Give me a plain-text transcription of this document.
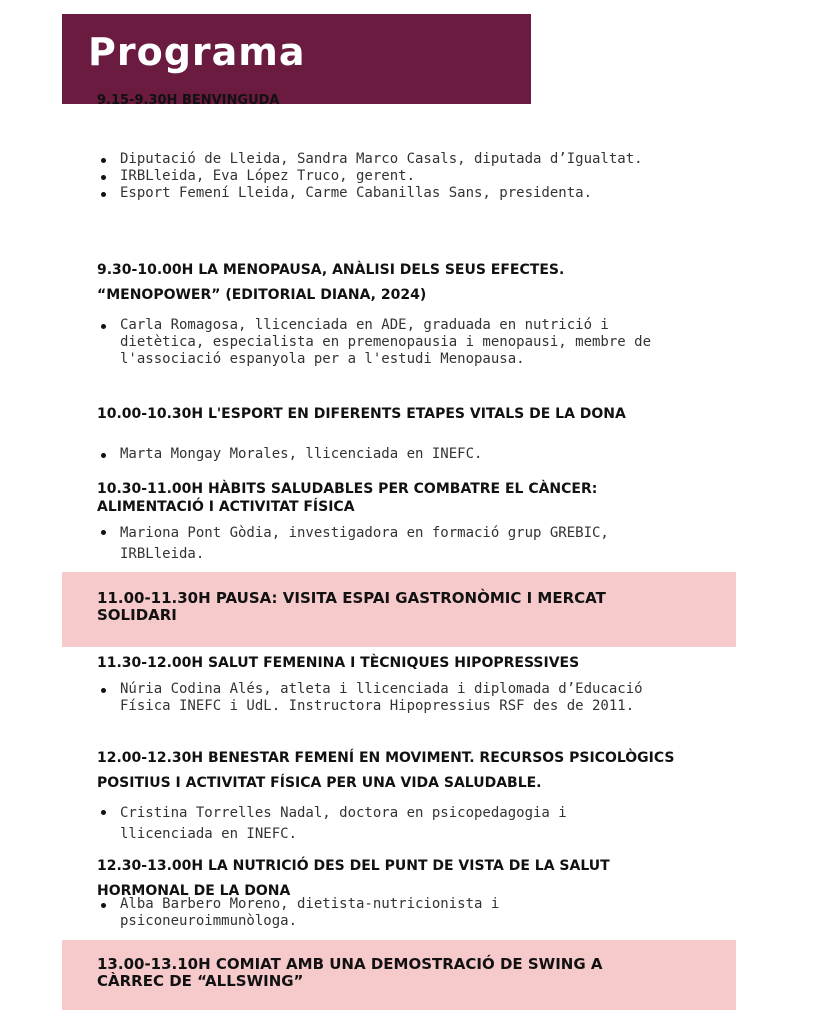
Programa
9.15-9.30H BENVINGUDA
Diputació de Lleida, Sandra Marco Casals, diputada d’Igualtat.
IRBLleida, Eva López Truco, gerent.
Esport Femení Lleida, Carme Cabanillas Sans, presidenta.
9.30-10.00H LA MENOPAUSA, ANÀLISI DELS SEUS EFECTES.
“MENOPOWER” (EDITORIAL DIANA, 2024)
Carla Romagosa, llicenciada en ADE, graduada en nutrició i dietètica, especialista en premenopausia i menopausi, membre de l'associació espanyola per a l'estudi Menopausa.
10.00-10.30H L'ESPORT EN DIFERENTS ETAPES VITALS DE LA DONA
Marta Mongay Morales, llicenciada en INEFC.
10.30-11.00H HÀBITS SALUDABLES PER COMBATRE EL CÀNCER:
ALIMENTACIÓ I ACTIVITAT FÍSICA
Mariona Pont Gòdia, investigadora en formació grup GREBIC, IRBLleida.
11.00-11.30H PAUSA: VISITA ESPAI GASTRONÒMIC I MERCAT
SOLIDARI
11.30-12.00H SALUT FEMENINA I TÈCNIQUES HIPOPRESSIVES
Núria Codina Alés, atleta i llicenciada i diplomada d’Educació Física INEFC i UdL. Instructora Hipopressius RSF des de 2011.
12.00-12.30H BENESTAR FEMENÍ EN MOVIMENT. RECURSOS PSICOLÒGICS
POSITIUS I ACTIVITAT FÍSICA PER UNA VIDA SALUDABLE.
Cristina Torrelles Nadal, doctora en psicopedagogia i llicenciada en INEFC.
12.30-13.00H LA NUTRICIÓ DES DEL PUNT DE VISTA DE LA SALUT
HORMONAL DE LA DONA
Alba Barbero Moreno, dietista-nutricionista i psiconeuroimmunòloga.
13.00-13.10H COMIAT AMB UNA DEMOSTRACIÓ DE SWING A
CÀRREC DE “ALLSWING”
